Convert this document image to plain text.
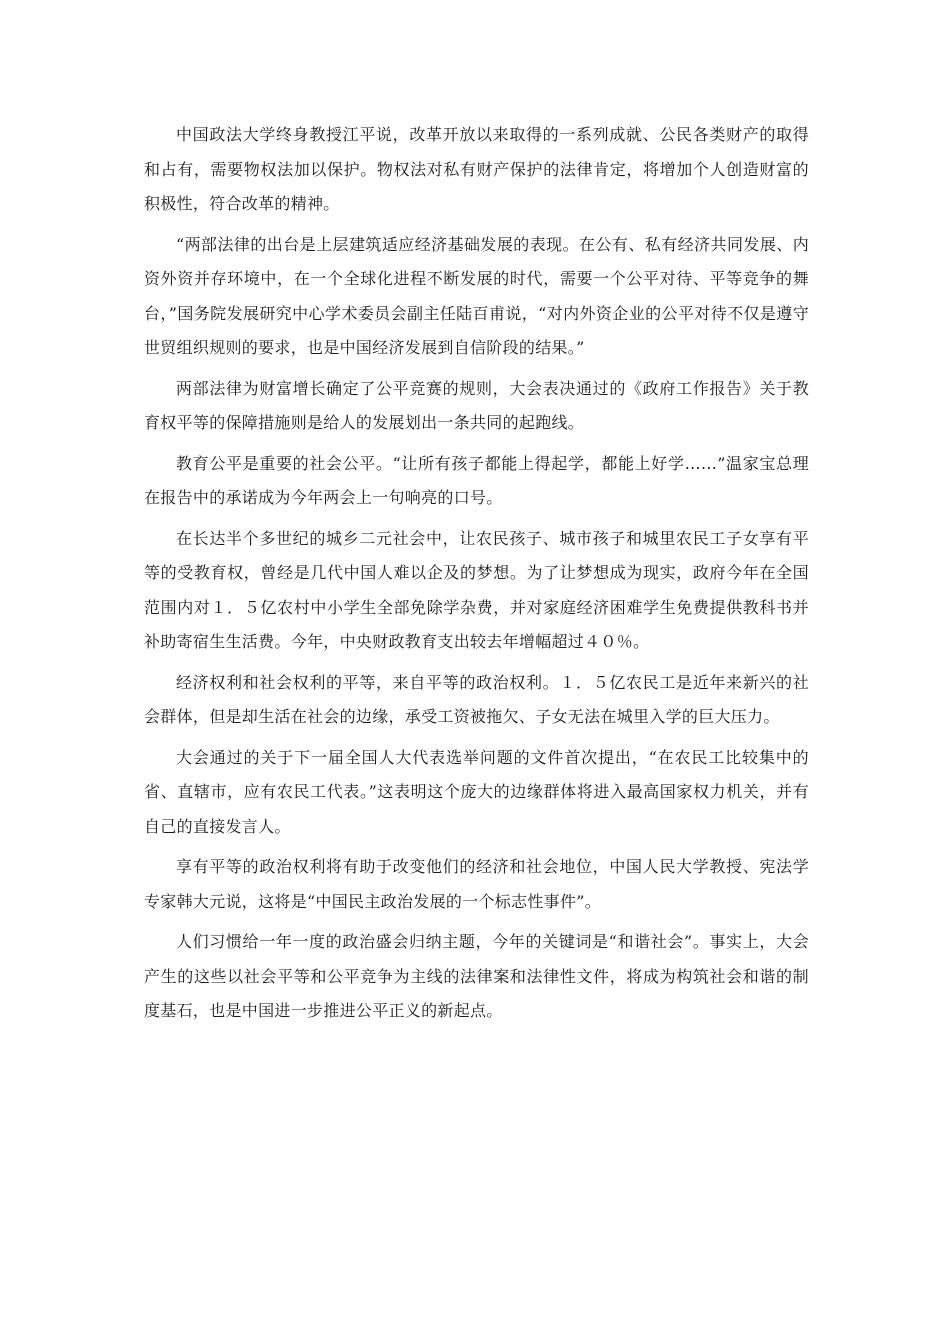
中国政法大学终身教授江平说，改革开放以来取得的一系列成就、公民各类财产的取得和占有，需要物权法加以保护。物权法对私有财产保护的法律肯定，将增加个人创造财富的积极性，符合改革的精神。

“两部法律的出台是上层建筑适应经济基础发展的表现。在公有、私有经济共同发展、内资外资并存环境中，在一个全球化进程不断发展的时代，需要一个公平对待、平等竞争的舞台，”国务院发展研究中心学术委员会副主任陆百甫说，“对内外资企业的公平对待不仅是遵守世贸组织规则的要求，也是中国经济发展到自信阶段的结果。”

两部法律为财富增长确定了公平竞赛的规则，大会表决通过的《政府工作报告》关于教育权平等的保障措施则是给人的发展划出一条共同的起跑线。

教育公平是重要的社会公平。“让所有孩子都能上得起学，都能上好学……”温家宝总理在报告中的承诺成为今年两会上一句响亮的口号。

在长达半个多世纪的城乡二元社会中，让农民孩子、城市孩子和城里农民工子女享有平等的受教育权，曾经是几代中国人难以企及的梦想。为了让梦想成为现实，政府今年在全国范围内对１．５亿农村中小学生全部免除学杂费，并对家庭经济困难学生免费提供教科书并补助寄宿生生活费。今年，中央财政教育支出较去年增幅超过４０％。

经济权利和社会权利的平等，来自平等的政治权利。１．５亿农民工是近年来新兴的社会群体，但是却生活在社会的边缘，承受工资被拖欠、子女无法在城里入学的巨大压力。

大会通过的关于下一届全国人大代表选举问题的文件首次提出，“在农民工比较集中的省、直辖市，应有农民工代表。”这表明这个庞大的边缘群体将进入最高国家权力机关，并有自己的直接发言人。

享有平等的政治权利将有助于改变他们的经济和社会地位，中国人民大学教授、宪法学专家韩大元说，这将是“中国民主政治发展的一个标志性事件”。

人们习惯给一年一度的政治盛会归纳主题，今年的关键词是“和谐社会”。事实上，大会产生的这些以社会平等和公平竞争为主线的法律案和法律性文件，将成为构筑社会和谐的制度基石，也是中国进一步推进公平正义的新起点。
